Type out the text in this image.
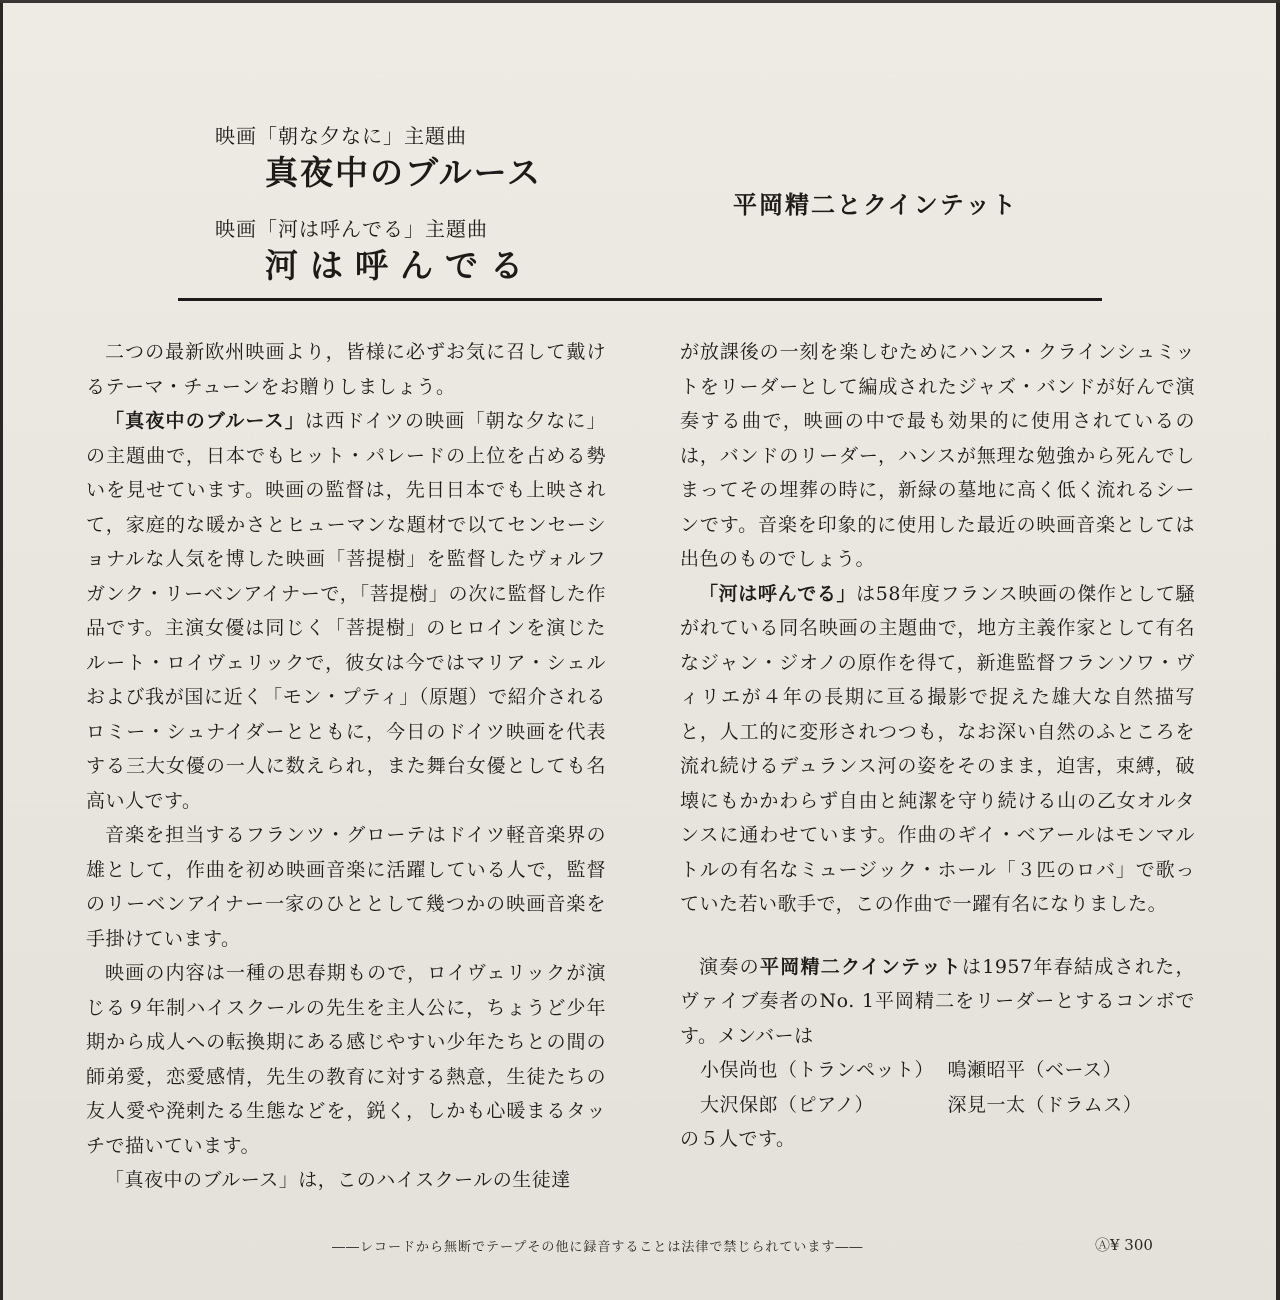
映画「朝な夕なに」主題曲
真夜中のブルース
映画「河は呼んでる」主題曲
河は呼んでる
平岡精二とクインテット

二つの最新欧州映画より，皆様に必ずお気に召して戴けるテーマ・チューンをお贈りしましょう。

「真夜中のブルース」は西ドイツの映画「朝な夕なに」の主題曲で，日本でもヒット・パレードの上位を占める勢いを見せています。映画の監督は，先日日本でも上映されて，家庭的な暖かさとヒューマンな題材で以てセンセーショナルな人気を博した映画「菩提樹」を監督したヴォルフガンク・リーベンアイナーで，「菩提樹」の次に監督した作品です。主演女優は同じく「菩提樹」のヒロインを演じたルート・ロイヴェリックで，彼女は今ではマリア・シェルおよび我が国に近く「モン・プティ」（原題）で紹介されるロミー・シュナイダーとともに，今日のドイツ映画を代表する三大女優の一人に数えられ，また舞台女優としても名高い人です。

音楽を担当するフランツ・グローテはドイツ軽音楽界の雄として，作曲を初め映画音楽に活躍している人で，監督のリーベンアイナー一家のひととして幾つかの映画音楽を手掛けています。

映画の内容は一種の思春期もので，ロイヴェリックが演じる９年制ハイスクールの先生を主人公に，ちょうど少年期から成人への転換期にある感じやすい少年たちとの間の師弟愛，恋愛感情，先生の教育に対する熱意，生徒たちの友人愛や溌剌たる生態などを，鋭く，しかも心暖まるタッチで描いています。

「真夜中のブルース」は，このハイスクールの生徒達

が放課後の一刻を楽しむためにハンス・クラインシュミットをリーダーとして編成されたジャズ・バンドが好んで演奏する曲で，映画の中で最も効果的に使用されているのは，バンドのリーダー，ハンスが無理な勉強から死んでしまってその埋葬の時に，新緑の墓地に高く低く流れるシーンです。音楽を印象的に使用した最近の映画音楽としては出色のものでしょう。

「河は呼んでる」は58年度フランス映画の傑作として騒がれている同名映画の主題曲で，地方主義作家として有名なジャン・ジオノの原作を得て，新進監督フランソワ・ヴィリエが４年の長期に亘る撮影で捉えた雄大な自然描写と，人工的に変形されつつも，なお深い自然のふところを流れ続けるデュランス河の姿をそのまま，迫害，束縛，破壊にもかかわらず自由と純潔を守り続ける山の乙女オルタンスに通わせています。作曲のギイ・ベアールはモンマルトルの有名なミュージック・ホール「３匹のロバ」で歌っていた若い歌手で，この作曲で一躍有名になりました。

演奏の平岡精二クインテットは1957年春結成された，ヴァイブ奏者のNo. 1平岡精二をリーダーとするコンボです。メンバーは

小俣尚也（トランペット） 鳴瀬昭平（ベース）
大沢保郎（ピアノ）	深見一太（ドラムス）

の５人です。

――レコードから無断でテープその他に録音することは法律で禁じられています――	Ⓐ¥ 300
